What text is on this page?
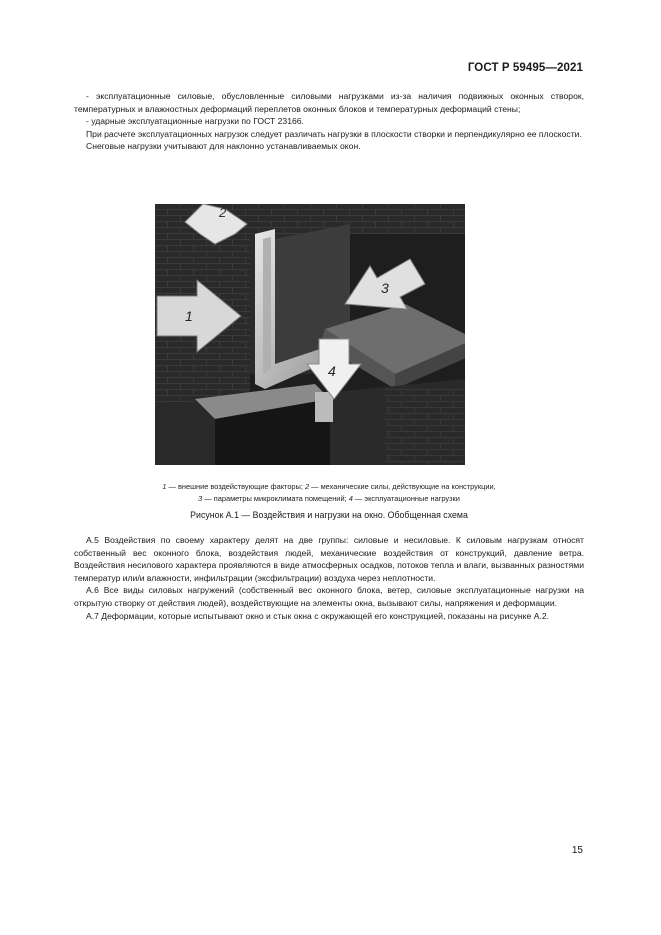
ГОСТ Р 59495—2021

- эксплуатационные силовые, обусловленные силовыми нагрузками из-за наличия подвижных оконных створок, температурных и влажностных деформаций переплетов оконных блоков и температурных деформаций стены;

- ударные эксплуатационные нагрузки по ГОСТ 23166.

При расчете эксплуатационных нагрузок следует различать нагрузки в плоскости створки и перпендикулярно ее плоскости.

Снеговые нагрузки учитывают для наклонно устанавливаемых окон.

2
1
3
4
1 — внешние воздействующие факторы; 2 — механические силы, действующие на конструкции,
3 — параметры микроклимата помещений; 4 — эксплуатационные нагрузки
Рисунок А.1 — Воздействия и нагрузки на окно. Обобщенная схема

А.5 Воздействия по своему характеру делят на две группы: силовые и несиловые. К силовым нагрузкам относят собственный вес оконного блока, воздействия людей, механические воздействия от конструкций, давление ветра. Воздействия несилового характера проявляются в виде атмосферных осадков, потоков тепла и влаги, вызванных разностями температур или/и влажности, инфильтрации (эксфильтрации) воздуха через неплотности.

А.6 Все виды силовых нагружений (собственный вес оконного блока, ветер, силовые эксплуатационные нагрузки на открытую створку от действия людей), воздействующие на элементы окна, вызывают силы, напряжения и деформации.

А.7 Деформации, которые испытывают окно и стык окна с окружающей его конструкцией, показаны на рисунке А.2.

15
